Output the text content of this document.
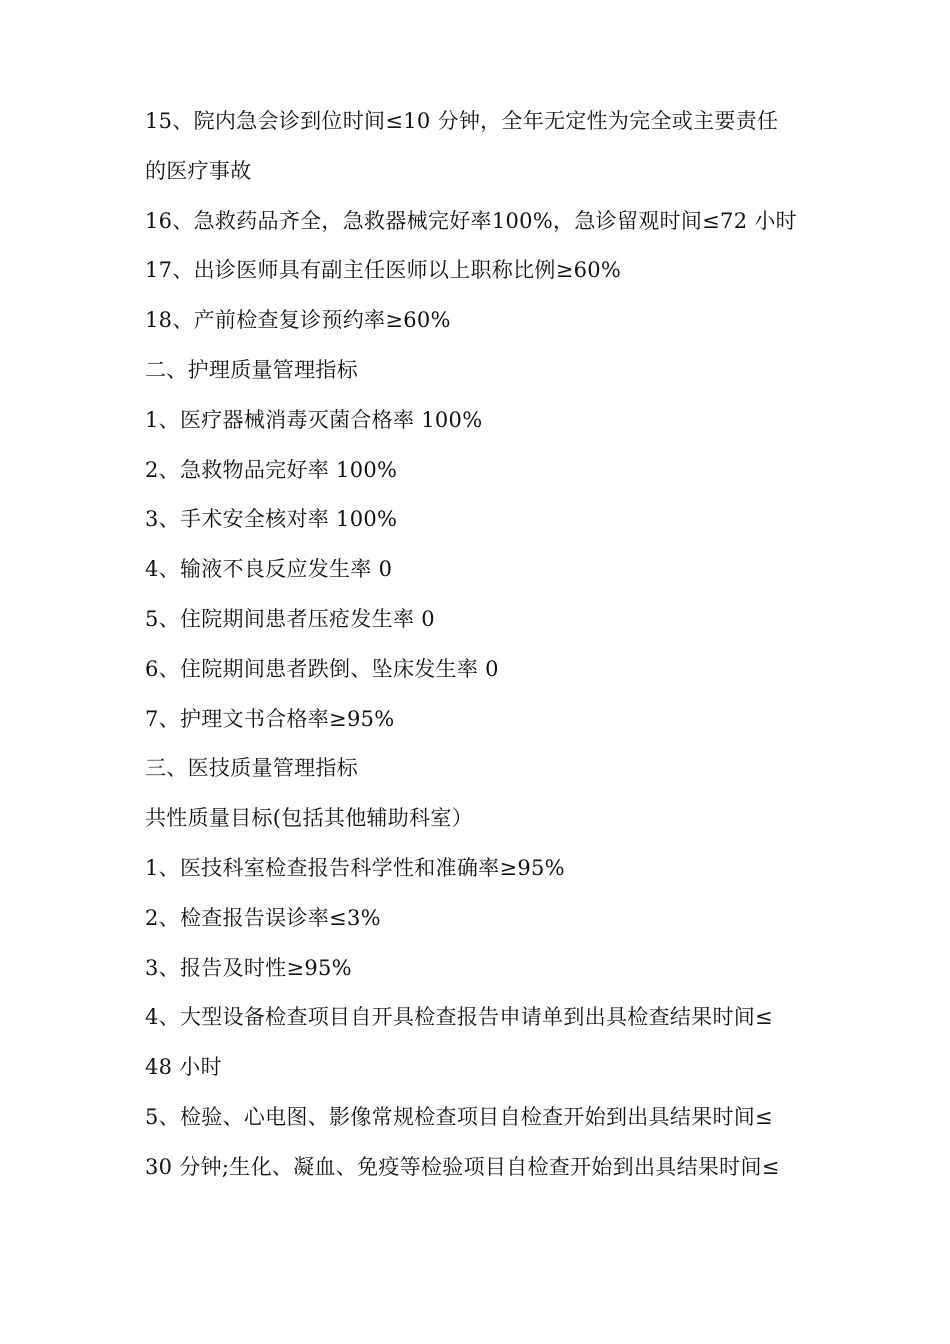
15、院内急会诊到位时间≤10 分钟，全年无定性为完全或主要责任
的医疗事故
16、急救药品齐全，急救器械完好率100%，急诊留观时间≤72 小时
17、出诊医师具有副主任医师以上职称比例≥60%
18、产前检查复诊预约率≥60%
二、护理质量管理指标
1、医疗器械消毒灭菌合格率 100%
2、急救物品完好率 100%
3、手术安全核对率 100%
4、输液不良反应发生率 0
5、住院期间患者压疮发生率 0
6、住院期间患者跌倒、坠床发生率 0
7、护理文书合格率≥95%
三、医技质量管理指标
共性质量目标(包括其他辅助科室）
1、医技科室检查报告科学性和准确率≥95%
2、检查报告误诊率≤3%
3、报告及时性≥95%
4、大型设备检查项目自开具检查报告申请单到出具检查结果时间≤
48 小时
5、检验、心电图、影像常规检查项目自检查开始到出具结果时间≤
30 分钟;生化、凝血、免疫等检验项目自检查开始到出具结果时间≤
